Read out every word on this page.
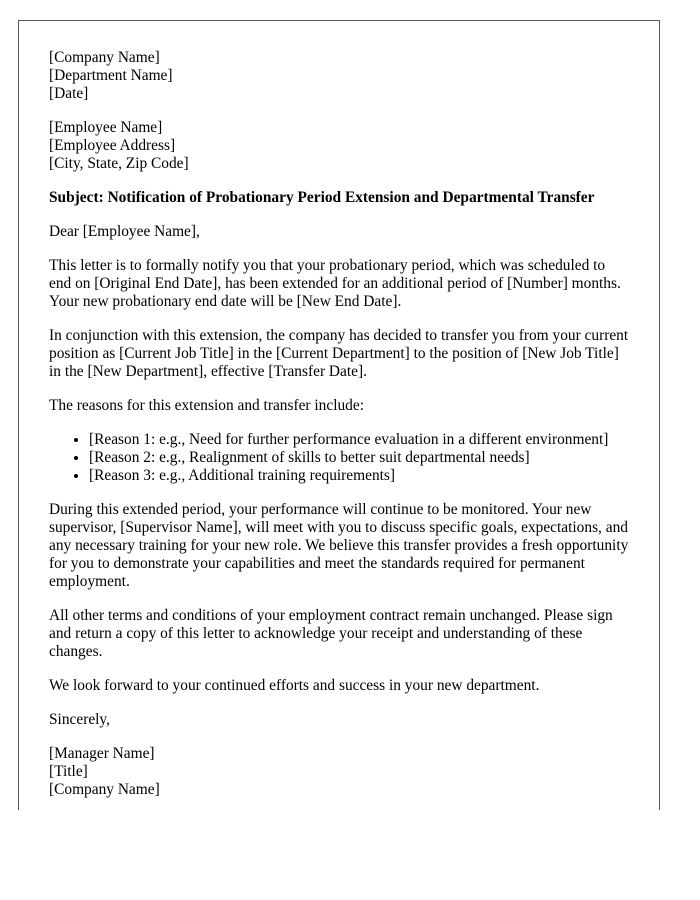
[Company Name]
[Department Name]
[Date]
[Employee Name]
[Employee Address]
[City, State, Zip Code]

Subject: Notification of Probationary Period Extension and Departmental Transfer

Dear [Employee Name],

This letter is to formally notify you that your probationary period, which was scheduled to end on [Original End Date], has been extended for an additional period of [Number] months. Your new probationary end date will be [New End Date].

In conjunction with this extension, the company has decided to transfer you from your current position as [Current Job Title] in the [Current Department] to the position of [New Job Title] in the [New Department], effective [Transfer Date].

The reasons for this extension and transfer include:

• [Reason 1: e.g., Need for further performance evaluation in a different environment]
• [Reason 2: e.g., Realignment of skills to better suit departmental needs]
• [Reason 3: e.g., Additional training requirements]

During this extended period, your performance will continue to be monitored. Your new supervisor, [Supervisor Name], will meet with you to discuss specific goals, expectations, and any necessary training for your new role. We believe this transfer provides a fresh opportunity for you to demonstrate your capabilities and meet the standards required for permanent employment.

All other terms and conditions of your employment contract remain unchanged. Please sign and return a copy of this letter to acknowledge your receipt and understanding of these changes.

We look forward to your continued efforts and success in your new department.

Sincerely,

[Manager Name]
[Title]
[Company Name]
